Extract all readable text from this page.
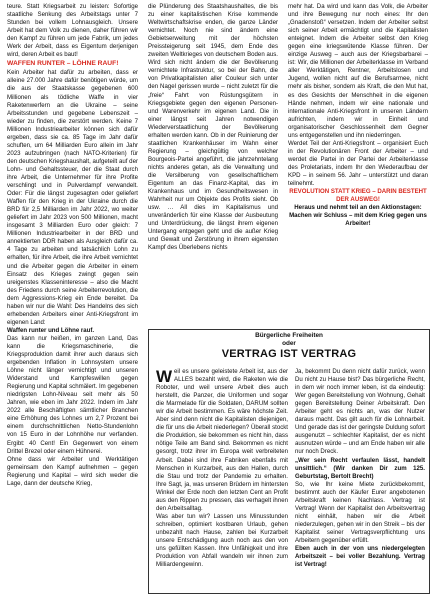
teure. Statt Kriegsarbeit zu leisten: Sofortige staatliche Senkung des Arbeitstags unter 7 Stunden bei vollem Lohnausgleich. Unsere Arbeit hat dem Volk zu dienen, daher führen wir den Kampf zu führen um jede Fabrik, um jedes Werk der Arbeit, dass es Eigentum derjenigen wird, deren Arbeit es baut!

WAFFEN RUNTER – LÖHNE RAUF!

Kein Arbeiter hat dafür zu arbeiten, dass er alleine 27.000 Jahre dafür benötigen würde, um die aus der Staatskasse gegebenen 600 Millionen als tödliche Waffe in vier Raketenwerfern an die Ukraine – seine Arbeitsstunden und gegebene Lebenszeit – wieder zu finden, die zerstört werden. Keine 7 Millionen Industriearbeiter können sich dafür ergeben, dass sie ca. 85 Tage im Jahr dafür schuften, um 64 Milliarden Euro allein im Jahr 2023 aufzubringen (nach NATO-Kriterien) für den deutschen Kriegshaushalt, aufgeteilt auf der Lohn- und Gehaltssteuer, der die Staat durch ihre Arbeit, die Unternehmer für ihre Profite verschlingt und in Pulverdampf verwandelt. Oder: Für die längst zugesagten oder geliefert Waffen für den Krieg in der Ukraine durch die BRD für 2,5 Milliarden im Jahr 2022, wo weiter geliefert im Jahr 2023 von 500 Millionen, macht insgesamt 3 Milliarden Euro oder gleich: 7 Millionen Industriearbeiter in der BRD und annektierten DDR haben als Ausgleich dafür ca. 4 Tage zu arbeiten und tatsächlich Lohn zu erhalten, für ihre Arbeit, die ihre Arbeit vernichtet und die Arbeiter gegen die Arbeiter in einem Einsatz des Krieges zwingt gegen sein ureigenstes Klasseninteresse – also die Macht des Friedens durch seine Arbeiterrevolution, die dem Aggressions-Krieg ein Ende bereitet. Da haben wir nur die Wahl: Des Handelns des sich erhebenden Arbeiters einer Anti-Kriegsfront im eigenen Land:

Waffen runter und Löhne rauf.

Das kann nur heißen, im ganzen Land, Das kann die Kriegsmaschinerie, die Kriegsproduktion damit ihrer auch daraus sich ergebenden Inflation in Lohnsystem unsere Löhne nicht länger vernichtigt und unseren Widerstand und Kampfeswillen gegen Regierung und Kapital schmälert. Im gegebenen niedrigsten Lohn-Niveau seit mehr als 50 Jahren, wie eben im Jahr 2022. Indem im Jahr 2022 alle Beschäftigten sämtlicher Branchen eine Erhöhung des Lohnes um 2,7 Prozent bei einem durchschnittlichen Netto-Stundenlohn von 15 Euro in der Lohnhöhe nur verfanden. Ergibt: 40 Cent! Ein Gegenwert von einem Drittel Brezel oder einem Hühnerei.

Ohne dass wir Arbeiter und Werktätigen gemeinsam den Kampf aufnehmen – gegen Regierung und Kapital – wird sich weder die Lage, dann der deutsche Krieg,

die Plünderung des Staatshaushaltes, die bis zu einer kapitalistischen Krise kommende Weltwirtschaftskrise enden, die ganze Länder vernichtet. Noch nie sind ändern eine Gebietserweitung mit der höchsten Preissteigerung seit 1945, dem Ende des zweiten Weltkrieges von deutschem Boden aus. Wird sich nicht ändern die der Bevölkerung vernichtete Infrastruktur, so bei der Bahn, die von Privatkapitalisten aller Couleur sich unter den Nagel gerissen wurde – nicht zuletzt für die „freie“ Fahrt von Rüstungsgütern in Kriegsgebiete gegen den eigenen Personen- und Warenverkehr im eigenen Land. Die in einer längst seit Jahren notwendigen Wiederverstaatlichung der Bevölkerung erhalten werden kann. Ob in der Ruinierung der staatlichen Krankenhäuser im Wahn einer Regierung – gleichgültig von welcher Bourgeois-Partei angeführt, die jahrzehntelang nichts anderes getan, als die Verwaltung und die Versilberung von gesellschaftlichem Eigentum an das Finanz-Kapital, das im Krankenhaus und im Gesundheitswesen in Wahrheit nur um Objekte des Profits sieht. Ob usw. … All dies im Kapitalismus und unveränderlich für eine Klasse der Ausbeutung und Unterdrückung, die längst ihrem eigenen Untergang entgegen geht und die außer Krieg und Gewalt und Zerstörung in ihrem eigensten Kampf des Überlebens nichts

mehr hat. Da wird und kann das Volk, die Arbeiter und ihre Bewegung nur noch eines: Ihr den „Gnadenstoß“ versetzen. Indem der Arbeiter selbst sich seiner Arbeit ermächtigt und die Kapitalisten enteignet. Indem die Arbeiter selbst den Krieg gegen eine kriegswütende Klasse führen. Der einzige Ausweg – auch aus der Kriegsbarbarei – ist: Wir, die Millionen der Arbeiterklasse im Verband aller Werktätigen, Rentner, Arbeitslosen und Jugend, wollen nicht auf die Berufsarmee, nicht mehr als bisher, sondern als Kraft, die den Mut hat, es des Gesichts der Menschheit in die eigenen Hände nehmen, indem wir eine nationale und internationale Anti-Kriegsfront in unseren Ländern aufrichten, indem wir in Einheit und organisatorischer Geschlossenheit dem Gegner uns entgegenstellen und ihn niederringen.

Werdet Teil der Anti-Kriegsfront – organisiert Euch in der Revolutionären Front der Arbeiter – und werdet die Partei in der Partei der Arbeiterklasse des Proletariats, indem Ihr den Wiederaufbau der KPD – in seinem 56. Jahr – unterstützt und daran teilnehmt.

REVOLUTION STATT KRIEG – DARIN BESTEHT DER AUSWEG!

Heraus und nehmt teil an den Aktionstagen: Machen wir Schluss – mit dem Krieg gegen uns Arbeiter!

Bürgerliche Freiheiten
oder
VERTRAG IST VERTRAG

Weil es unsere geleistete Arbeit ist, aus der ALLES bezahlt wird, die Raketen wie die Roboter, und weil unsere Arbeit dies auch herstellt, die Panzer, die Uniformen und sogar die Marmelade für die Soldaten, DARUM sollten wir die Arbeit bestimmen. Es wäre höchste Zeit. Aber sind denn nicht die Kapitalisten diejenigen, die für uns die Arbeit niederlegen? Überall stockt die Produktion, sie bekommen es nicht hin, dass nötige Teile am Band sind. Bekommen es nicht gesorgt, trotz ihrer im Europa weit verbreiteten Arbeit. Dabei sind ihre Fabriken ebenfalls mit Menschen in Kurzarbeit, aus den Hallen, durch die Stau und trotz der Pandemie zu erhalten. Ihre Sagt, ja, was unseren Brüdern im hintersten Winkel der Erde noch den letzten Cent an Profit aus den Rippen zu pressen, das verhagelt ihnen den Arbeitsalltag.

Was aber tun wir? Lassen uns Minusstunden schreiben, optimiert kostbaren Urlaub, gehen unbezahlt nach Hause, zahlen bei Kurzarbeit unsere Entschädigung auch noch aus den von uns gefüllten Kassen. Ihre Unfähigkeit und ihre Produktion von Abfall wandeln wir ihnen zum Milliardengewinn.

Ja, bekommt Du denn nicht dafür zurück, wenn Du nicht zu Hause bist? Das bürgerliche Recht, in dem wir noch immer leben, ist da eindeutig: Wer gegen Bereitstellung von Wohnung, Gehalt gegen Bereitstellung Deiner Arbeitskraft. Den Arbeiter geht es nichts an, was der Nutzer daraus macht. Das gilt auch für die Lohnarbeit. Und gerade das ist der geringste Duldung sofort ausgenutzt – schlechter Kapitalist, der es nicht ausnutzen würde – und am Ende haben wir alle nur noch Dreck.

„Wer sein Recht verfaulen lässt, handelt unsittlich.“ (Wir danken Dir zum 125. Geburtstag, Bertolt Brecht)

So, wie Ihr keine Miete zurückbekommt, bestimmt auch der Käufer Eurer angebotenen Arbeitskraft keinen Nachlass. Vertrag ist Vertrag! Wenn der Kapitalist den Arbeitsvertrag nicht einhält, haben wir die Arbeit niederzulegen, gehen wir in den Streik – bis der Kapitalist seiner Vertragsverpflichtung uns Arbeitern gegenüber erfüllt.

Eben auch in der von uns niedergelegten Arbeitszeit – bei voller Bezahlung. Vertrag ist Vertrag!
